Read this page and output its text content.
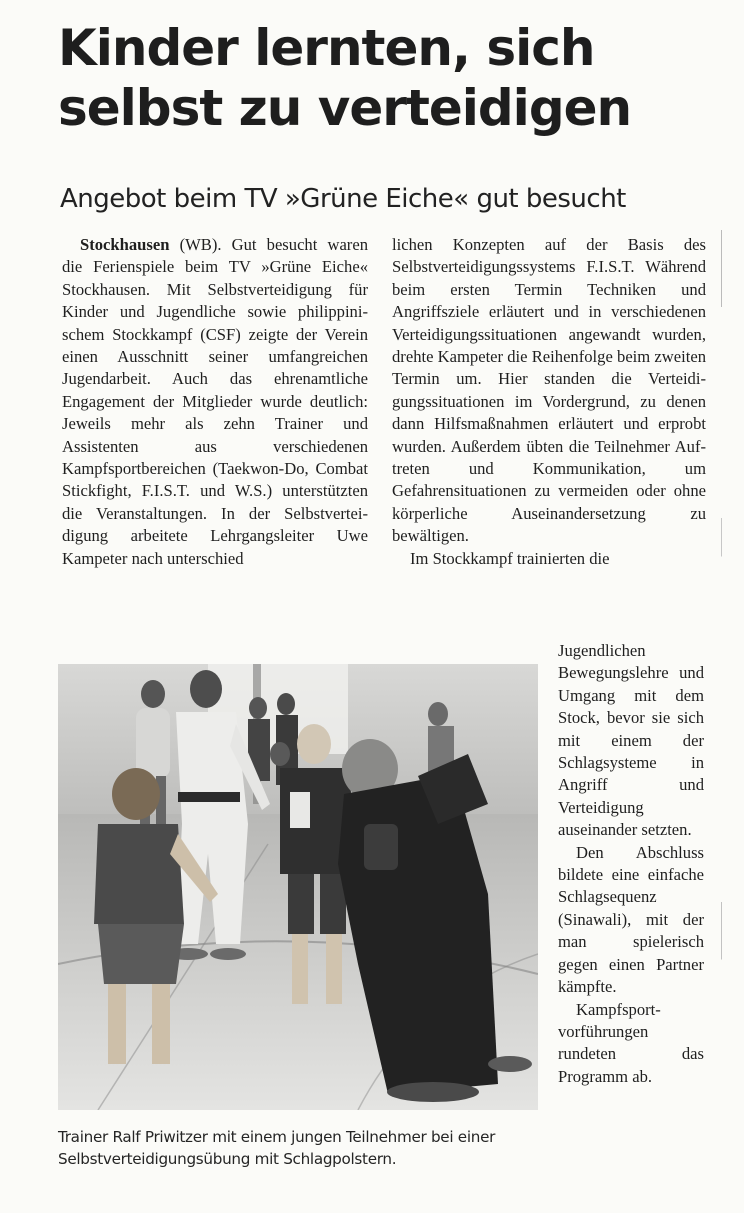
Kinder lernten, sich
selbst zu verteidigen
Angebot beim TV »Grüne Eiche« gut besucht

Stockhausen (WB). Gut besucht waren die Ferienspiele beim TV »Grüne Eiche« Stockhausen. Mit Selbstverteidigung für Kinder und Jugendliche sowie philippinischem Stockkampf (CSF) zeigte der Verein einen Ausschnitt seiner umfangreichen Jugendarbeit. Auch das ehrenamtliche Engagement der Mitglieder wurde deutlich: Jeweils mehr als zehn Trainer und Assistenten aus verschiedenen Kampfsportbereichen (Taekwon-Do, Combat Stickfight, F.I.S.T. und W.S.) unterstützten die Veranstaltungen. In der Selbstverteidigung arbeitete Lehrgangsleiter Uwe Kampeter nach unterschied

lichen Konzepten auf der Basis des Selbstverteidigungssystems F.I.S.T. Während beim ersten Termin Techniken und Angriffsziele erläutert und in verschiedenen Verteidigungssituationen angewandt wurden, drehte Kampeter die Reihenfolge beim zweiten Termin um. Hier standen die Verteidigungssituationen im Vordergrund, zu denen dann Hilfsmaßnahmen erläutert und erprobt wurden. Außerdem übten die Teilnehmer Auftreten und Kommunikation, um Gefahrensituationen zu vermeiden oder ohne körperliche Auseinandersetzung zu bewältigen.

Im Stockkampf trainierten die

Jugendlichen Bewegungslehre und Umgang mit dem Stock, bevor sie sich mit einem der Schlagsysteme in Angriff und Verteidigung auseinander setzten.

Den Abschluss bildete eine einfache Schlagsequenz (Sinawali), mit der man spielerisch gegen einen Partner kämpfte.

Kampfsportvorführungen rundeten das Programm ab.

Trainer Ralf Priwitzer mit einem jungen Teilnehmer bei einer Selbstverteidigungsübung mit Schlagpolstern.
